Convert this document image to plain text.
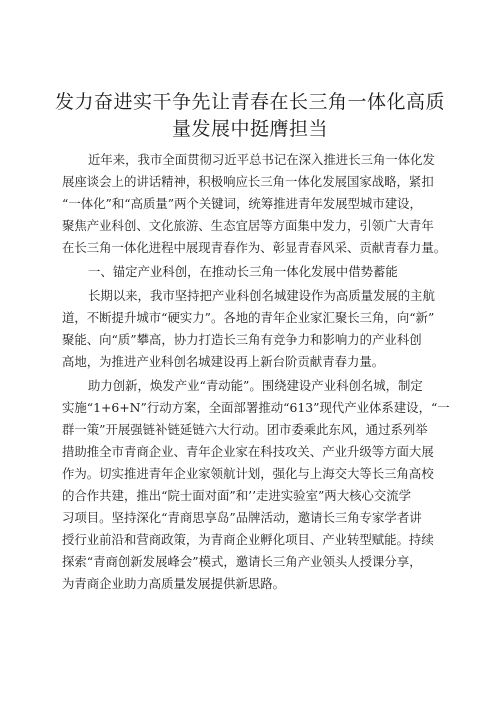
发力奋进实干争先让青春在长三角一体化高质
量发展中挺膺担当

近年来，我市全面贯彻习近平总书记在深入推进长三角一体化发

展座谈会上的讲话精神，积极响应长三角一体化发展国家战略，紧扣

“一体化”和“高质量”两个关键词，统筹推进青年发展型城市建设，

聚焦产业科创、文化旅游、生态宜居等方面集中发力，引领广大青年

在长三角一体化进程中展现青春作为、彰显青春风采、贡献青春力量。

一、锚定产业科创，在推动长三角一体化发展中借势蓄能

长期以来，我市坚持把产业科创名城建设作为高质量发展的主航

道，不断提升城市“硬实力”。各地的青年企业家汇聚长三角，向“新”

聚能、向“质”攀高，协力打造长三角有竞争力和影响力的产业科创

高地，为推进产业科创名城建设再上新台阶贡献青春力量。

助力创新，焕发产业“青动能”。围绕建设产业科创名城，制定

实施“1+6+N”行动方案，全面部署推动“613”现代产业体系建设，“一

群一策”开展强链补链延链六大行动。团市委乘此东风，通过系列举

措助推全市青商企业、青年企业家在科技攻关、产业升级等方面大展

作为。切实推进青年企业家领航计划，强化与上海交大等长三角高校

的合作共建，推出“院士面对面”和’’走进实验室”两大核心交流学

习项目。坚持深化“青商思享岛”品牌活动，邀请长三角专家学者讲

授行业前沿和营商政策，为青商企业孵化项目、产业转型赋能。持续

探索“青商创新发展峰会”模式，邀请长三角产业领头人授课分享，

为青商企业助力高质量发展提供新思路。
